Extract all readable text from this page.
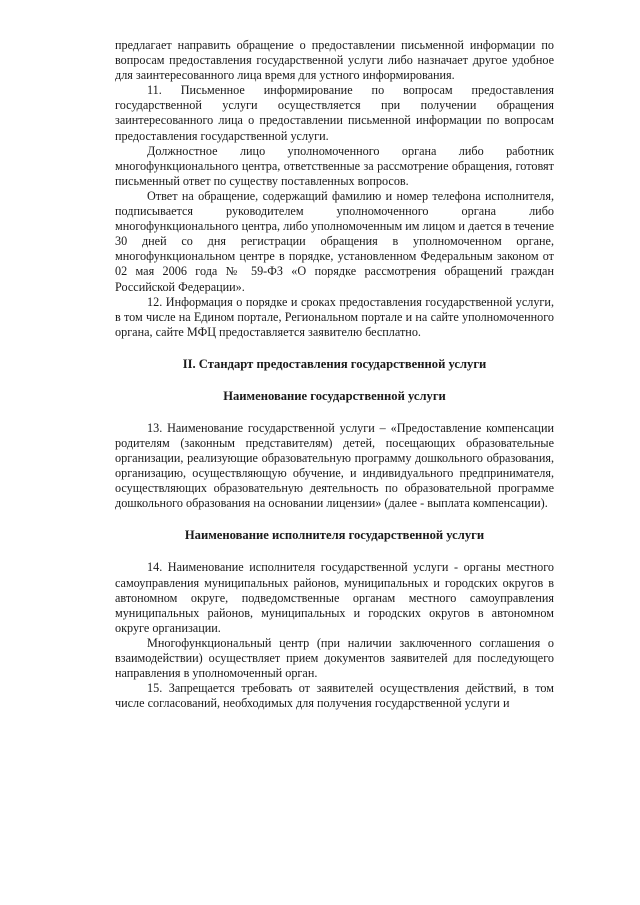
предлагает направить обращение о предоставлении письменной информации по вопросам предоставления государственной услуги либо назначает другое удобное для заинтересованного лица время для устного информирования.

11. Письменное информирование по вопросам предоставления государственной услуги осуществляется при получении обращения заинтересованного лица о предоставлении письменной информации по вопросам предоставления государственной услуги.

Должностное лицо уполномоченного органа либо работник многофункционального центра, ответственные за рассмотрение обращения, готовят письменный ответ по существу поставленных вопросов.

Ответ на обращение, содержащий фамилию и номер телефона исполнителя, подписывается руководителем уполномоченного органа либо многофункционального центра, либо уполномоченным им лицом и дается в течение 30 дней со дня регистрации обращения в уполномоченном органе, многофункциональном центре в порядке, установленном Федеральным законом от 02 мая 2006 года № 59-ФЗ «О порядке рассмотрения обращений граждан Российской Федерации».

12. Информация о порядке и сроках предоставления государственной услуги, в том числе на Едином портале, Региональном портале и на сайте уполномоченного органа, сайте МФЦ предоставляется заявителю бесплатно.

II. Стандарт предоставления государственной услуги
Наименование государственной услуги

13. Наименование государственной услуги – «Предоставление компенсации родителям (законным представителям) детей, посещающих образовательные организации, реализующие образовательную программу дошкольного образования, организацию, осуществляющую обучение, и индивидуального предпринимателя, осуществляющих образовательную деятельность по образовательной программе дошкольного образования на основании лицензии» (далее - выплата компенсации).

Наименование исполнителя государственной услуги

14. Наименование исполнителя государственной услуги - органы местного самоуправления муниципальных районов, муниципальных и городских округов в автономном округе, подведомственные органам местного самоуправления муниципальных районов, муниципальных и городских округов в автономном округе организации.

Многофункциональный центр (при наличии заключенного соглашения о взаимодействии) осуществляет прием документов заявителей для последующего направления в уполномоченный орган.

15. Запрещается требовать от заявителей осуществления действий, в том числе согласований, необходимых для получения государственной услуги и
